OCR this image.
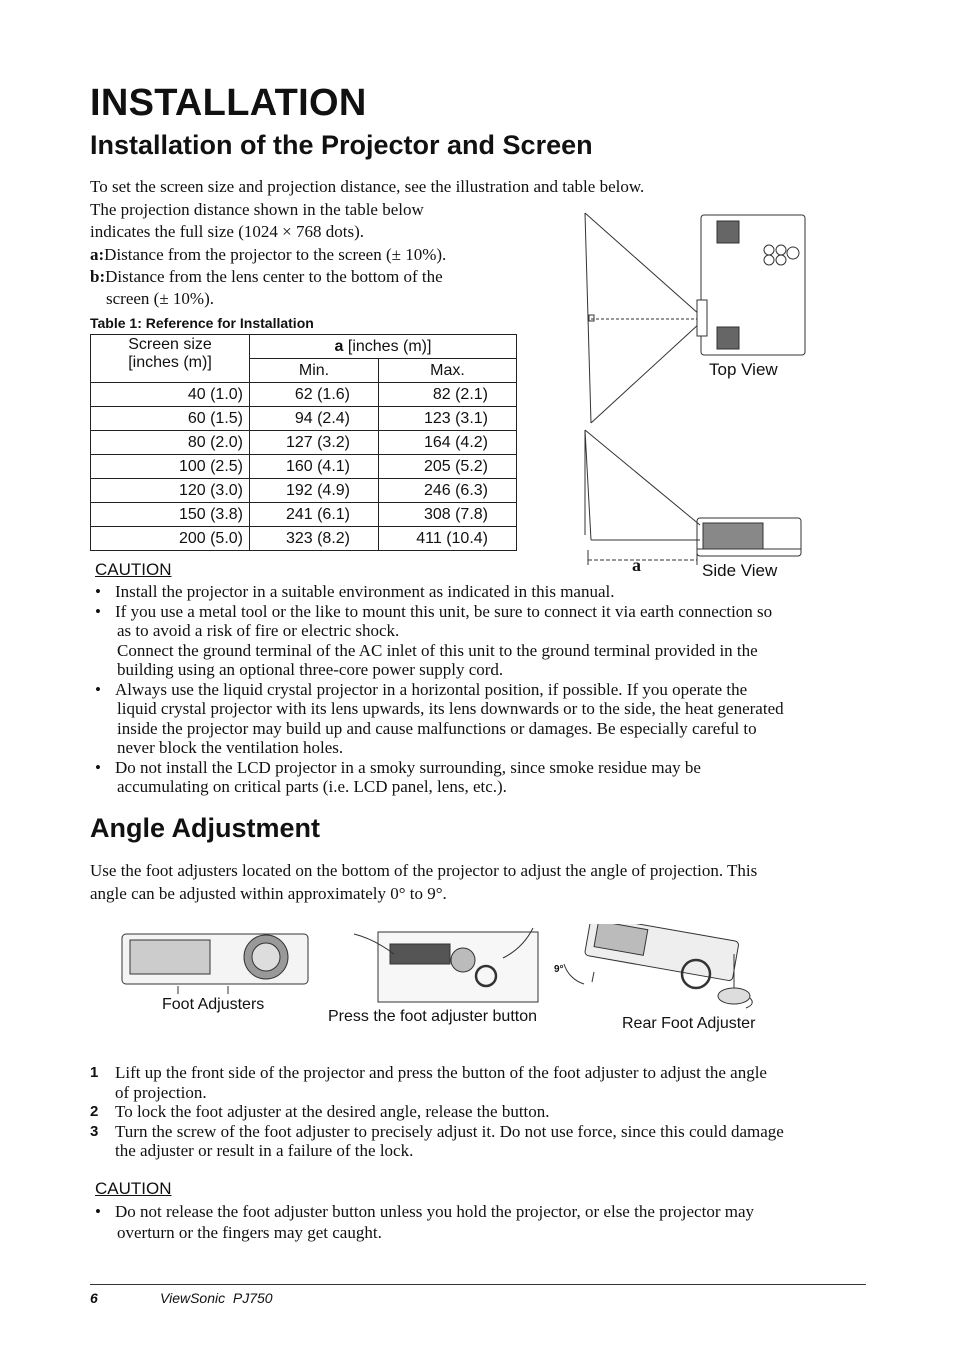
INSTALLATION
Installation of the Projector and Screen
To set the screen size and projection distance, see the illustration and table below.
The projection distance shown in the table below
indicates the full size (1024 × 768 dots).
a:Distance from the projector to the screen (± 10%).
b:Distance from the lens center to the bottom of the
screen (± 10%).
Table 1: Reference for Installation
Screen size
[inches (m)]	a [inches (m)]	
	Min.	Max.
40 (1.0)	62 (1.6)	82 (2.1)
60 (1.5)	94 (2.4)	123 (3.1)
80 (2.0)	127 (3.2)	164 (4.2)
100 (2.5)	160 (4.1)	205 (5.2)
120 (3.0)	192 (4.9)	246 (6.3)
150 (3.8)	241 (6.1)	308 (7.8)
200 (5.0)	323 (8.2)	411 (10.4)
Top View
a	Side View
CAUTION
• Install the projector in a suitable environment as indicated in this manual.
• If you use a metal tool or the like to mount this unit, be sure to connect it via earth connection so
as to avoid a risk of fire or electric shock.
Connect the ground terminal of the AC inlet of this unit to the ground terminal provided in the
building using an optional three-core power supply cord.
• Always use the liquid crystal projector in a horizontal position, if possible. If you operate the
liquid crystal projector with its lens upwards, its lens downwards or to the side, the heat generated
inside the projector may build up and cause malfunctions or damages. Be especially careful to
never block the ventilation holes.
• Do not install the LCD projector in a smoky surrounding, since smoke residue may be
accumulating on critical parts (i.e. LCD panel, lens, etc.).
Angle Adjustment
Use the foot adjusters located on the bottom of the projector to adjust the angle of projection. This
angle can be adjusted within approximately 0° to 9°.
9°
Foot Adjusters
Press the foot adjuster button	Rear Foot Adjuster
1 Lift up the front side of the projector and press the button of the foot adjuster to adjust the angle
of projection.
2 To lock the foot adjuster at the desired angle, release the button.
3 Turn the screw of the foot adjuster to precisely adjust it. Do not use force, since this could damage
the adjuster or result in a failure of the lock.
CAUTION
• Do not release the foot adjuster button unless you hold the projector, or else the projector may
overturn or the fingers may get caught.
6	ViewSonic  PJ750
